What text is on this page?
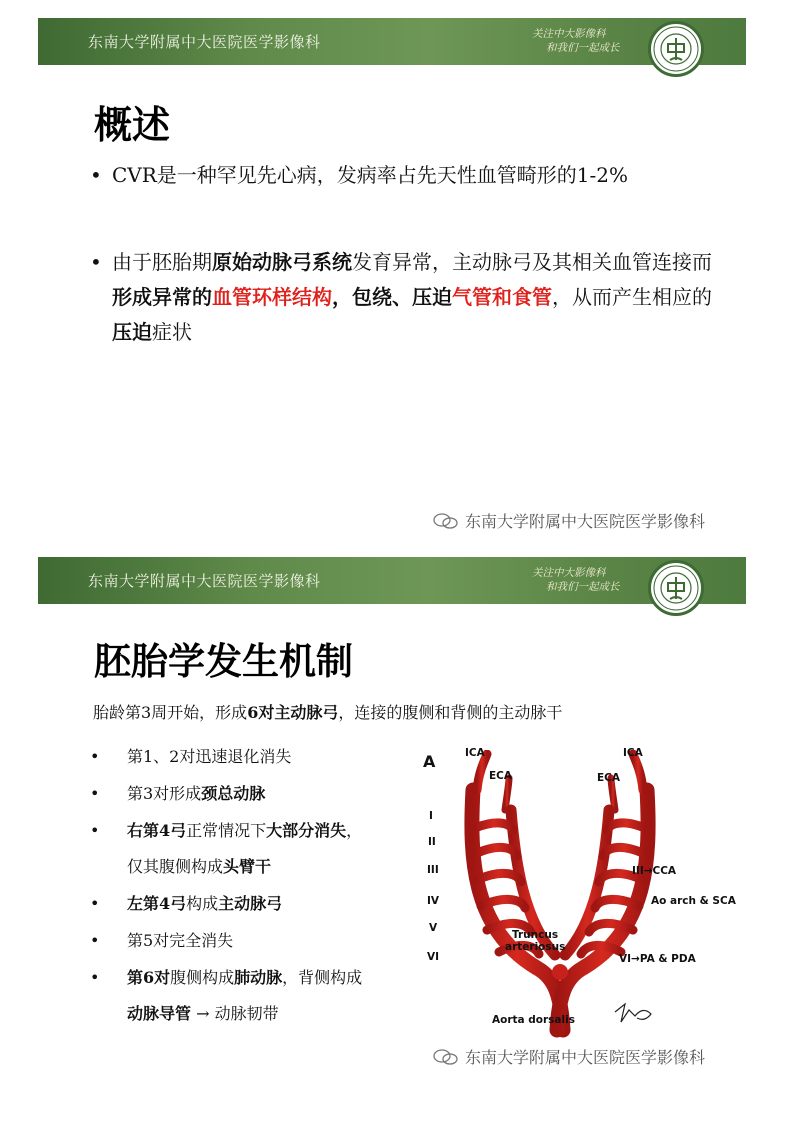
东南大学附属中大医院医学影像科	关注中大影像科
和我们一起成长
概述
• CVR是一种罕见先心病，发病率占先天性血管畸形的1-2%
• 由于胚胎期原始动脉弓系统发育异常，主动脉弓及其相关血管连接而形成异常的血管环样结构，包绕、压迫气管和食管，从而产生相应的压迫症状
东南大学附属中大医院医学影像科
东南大学附属中大医院医学影像科	关注中大影像科
和我们一起成长
胚胎学发生机制
胎龄第3周开始，形成6对主动脉弓，连接的腹侧和背侧的主动脉干
• 第1、2对迅速退化消失
• 第3对形成颈总动脉
• 右第4弓正常情况下大部分消失，
仅其腹侧构成头臂干
• 左第4弓构成主动脉弓
• 第5对完全消失
• 第6对腹侧构成肺动脉，背侧构成
动脉导管 → 动脉韧带
A	ICA	ICA
ECA	ECA
I
II
III
IV
V
VI
III→CCA
Ao arch & SCA
VI→PA & PDA
Truncus
arteriosus
Aorta dorsalis
东南大学附属中大医院医学影像科
